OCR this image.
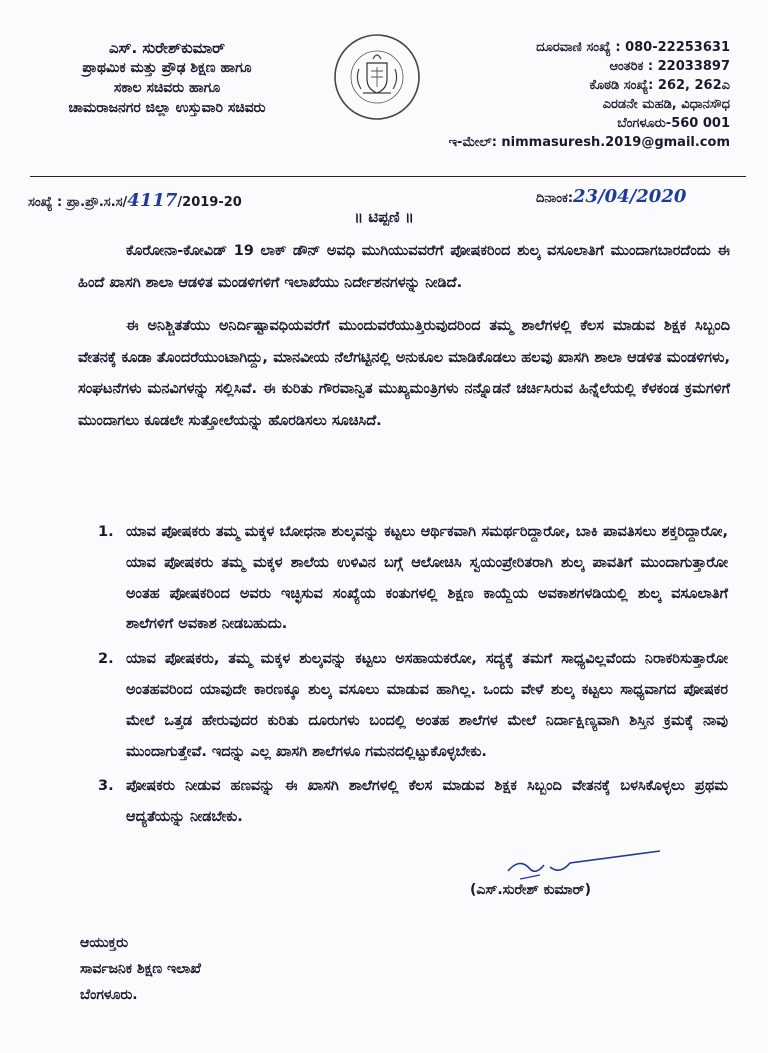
ಎಸ್. ಸುರೇಶ್‌ಕುಮಾರ್
ಪ್ರಾಥಮಿಕ ಮತ್ತು ಪ್ರೌಢ ಶಿಕ್ಷಣ ಹಾಗೂ
ಸಕಾಲ ಸಚಿವರು ಹಾಗೂ
ಚಾಮರಾಜನಗರ ಜಿಲ್ಲಾ ಉಸ್ತುವಾರಿ ಸಚಿವರು
ದೂರವಾಣಿ ಸಂಖ್ಯೆ : 080-22253631
ಆಂತರಿಕ : 22033897
ಕೊಠಡಿ ಸಂಖ್ಯೆ: 262, 262ಎ
ಎರಡನೇ ಮಹಡಿ, ವಿಧಾನಸೌಧ
ಬೆಂಗಳೂರು-560 001
ಇ-ಮೇಲ್: nimmasuresh.2019@gmail.com
ಸಂಖ್ಯೆ : ಪ್ರಾ.ಪ್ರೌ.ಸ.ಸ/4117/2019-20	ದಿನಾಂಕ:23/04/2020
॥ ಟಿಪ್ಪಣಿ ॥

ಕೊರೋನಾ-ಕೋವಿಡ್ 19 ಲಾಕ್ ಡೌನ್ ಅವಧಿ ಮುಗಿಯುವವರೆಗೆ ಪೋಷಕರಿಂದ ಶುಲ್ಕ ವಸೂಲಾತಿಗೆ ಮುಂದಾಗಬಾರದೆಂದು ಈ ಹಿಂದೆ ಖಾಸಗಿ ಶಾಲಾ ಆಡಳಿತ ಮಂಡಳಿಗಳಿಗೆ ಇಲಾಖೆಯು ನಿರ್ದೇಶನಗಳನ್ನು ನೀಡಿದೆ.

ಈ ಅನಿಶ್ಚಿತತೆಯು ಅನಿರ್ದಿಷ್ಟಾವಧಿಯವರೆಗೆ ಮುಂದುವರೆಯುತ್ತಿರುವುದರಿಂದ ತಮ್ಮ ಶಾಲೆಗಳಲ್ಲಿ ಕೆಲಸ ಮಾಡುವ ಶಿಕ್ಷಕ ಸಿಬ್ಬಂದಿ ವೇತನಕ್ಕೆ ಕೂಡಾ ತೊಂದರೆಯುಂಟಾಗಿದ್ದು, ಮಾನವೀಯ ನೆಲೆಗಟ್ಟಿನಲ್ಲಿ ಅನುಕೂಲ ಮಾಡಿಕೊಡಲು ಹಲವು ಖಾಸಗಿ ಶಾಲಾ ಆಡಳಿತ ಮಂಡಳಿಗಳು, ಸಂಘಟನೆಗಳು ಮನವಿಗಳನ್ನು ಸಲ್ಲಿಸಿವೆ. ಈ ಕುರಿತು ಗೌರವಾನ್ವಿತ ಮುಖ್ಯಮಂತ್ರಿಗಳು ನನ್ನೊಡನೆ ಚರ್ಚಿಸಿರುವ ಹಿನ್ನೆಲೆಯಲ್ಲಿ ಕೆಳಕಂಡ ಕ್ರಮಗಳಿಗೆ ಮುಂದಾಗಲು ಕೂಡಲೇ ಸುತ್ತೋಲೆಯನ್ನು ಹೊರಡಿಸಲು ಸೂಚಿಸಿದೆ.

1. ಯಾವ ಪೋಷಕರು ತಮ್ಮ ಮಕ್ಕಳ ಬೋಧನಾ ಶುಲ್ಕವನ್ನು ಕಟ್ಟಲು ಆರ್ಥಿಕವಾಗಿ ಸಮರ್ಥರಿದ್ದಾರೋ, ಬಾಕಿ ಪಾವತಿಸಲು ಶಕ್ತರಿದ್ದಾರೋ, ಯಾವ ಪೋಷಕರು ತಮ್ಮ ಮಕ್ಕಳ ಶಾಲೆಯ ಉಳಿವಿನ ಬಗ್ಗೆ ಆಲೋಚಿಸಿ ಸ್ವಯಂಪ್ರೇರಿತರಾಗಿ ಶುಲ್ಕ ಪಾವತಿಗೆ ಮುಂದಾಗುತ್ತಾರೋ ಅಂತಹ ಪೋಷಕರಿಂದ ಅವರು ಇಚ್ಛಿಸುವ ಸಂಖ್ಯೆಯ ಕಂತುಗಳಲ್ಲಿ ಶಿಕ್ಷಣ ಕಾಯ್ದೆಯ ಅವಕಾಶಗಳಡಿಯಲ್ಲಿ ಶುಲ್ಕ ವಸೂಲಾತಿಗೆ ಶಾಲೆಗಳಿಗೆ ಅವಕಾಶ ನೀಡಬಹುದು.
2. ಯಾವ ಪೋಷಕರು, ತಮ್ಮ ಮಕ್ಕಳ ಶುಲ್ಕವನ್ನು ಕಟ್ಟಲು ಅಸಹಾಯಕರೋ, ಸದ್ಯಕ್ಕೆ ತಮಗೆ ಸಾಧ್ಯವಿಲ್ಲವೆಂದು ನಿರಾಕರಿಸುತ್ತಾರೋ ಅಂತಹವರಿಂದ ಯಾವುದೇ ಕಾರಣಕ್ಕೂ ಶುಲ್ಕ ವಸೂಲು ಮಾಡುವ ಹಾಗಿಲ್ಲ. ಒಂದು ವೇಳೆ ಶುಲ್ಕ ಕಟ್ಟಲು ಸಾಧ್ಯವಾಗದ ಪೋಷಕರ ಮೇಲೆ ಒತ್ತಡ ಹೇರುವುದರ ಕುರಿತು ದೂರುಗಳು ಬಂದಲ್ಲಿ ಅಂತಹ ಶಾಲೆಗಳ ಮೇಲೆ ನಿರ್ದಾಕ್ಷಿಣ್ಯವಾಗಿ ಶಿಸ್ತಿನ ಕ್ರಮಕ್ಕೆ ನಾವು ಮುಂದಾಗುತ್ತೇವೆ. ಇದನ್ನು ಎಲ್ಲ ಖಾಸಗಿ ಶಾಲೆಗಳೂ ಗಮನದಲ್ಲಿಟ್ಟುಕೊಳ್ಳಬೇಕು.
3. ಪೋಷಕರು ನೀಡುವ ಹಣವನ್ನು ಈ ಖಾಸಗಿ ಶಾಲೆಗಳಲ್ಲಿ ಕೆಲಸ ಮಾಡುವ ಶಿಕ್ಷಕ ಸಿಬ್ಬಂದಿ ವೇತನಕ್ಕೆ ಬಳಸಿಕೊಳ್ಳಲು ಪ್ರಥಮ ಆದ್ಯತೆಯನ್ನು ನೀಡಬೇಕು.
(ಎಸ್.ಸುರೇಶ್ ಕುಮಾರ್)
ಆಯುಕ್ತರು
ಸಾರ್ವಜನಿಕ ಶಿಕ್ಷಣ ಇಲಾಖೆ
ಬೆಂಗಳೂರು.
